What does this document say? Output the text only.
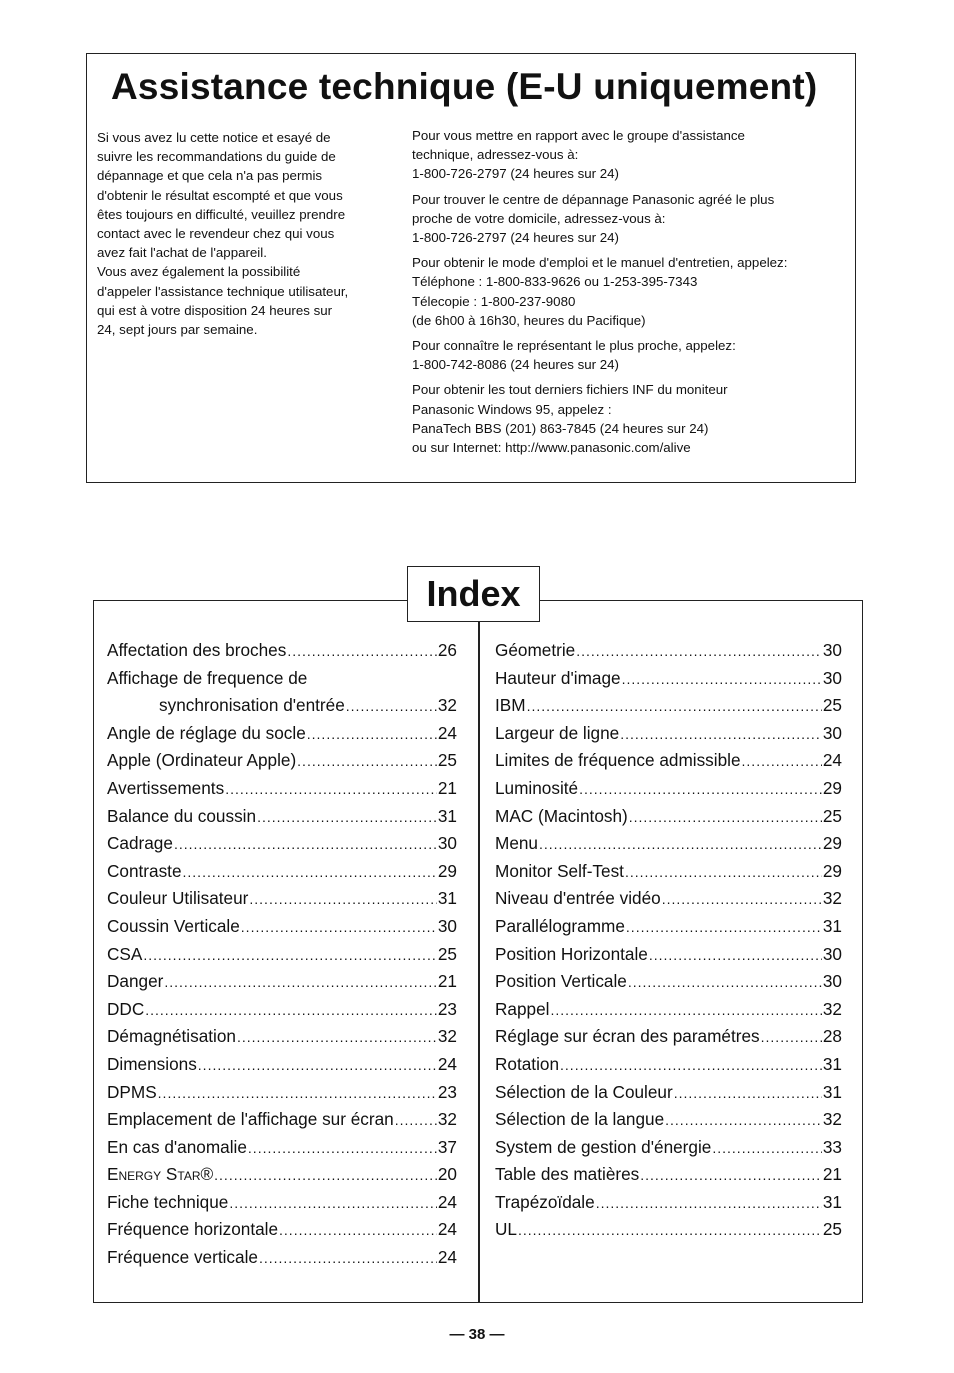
Assistance technique (E-U uniquement)
Si vous avez lu cette notice et esayé de
suivre les recommandations du guide de
dépannage et que cela n'a pas permis
d'obtenir le résultat escompté et que vous
êtes toujours en difficulté, veuillez prendre
contact avec le revendeur chez qui vous
avez fait l'achat de l'appareil.
Vous avez également la possibilité
d'appeler l'assistance technique utilisateur,
qui est à votre disposition 24 heures sur
24, sept jours par semaine.

Pour vous mettre en rapport avec le groupe d'assistance
technique, adressez-vous à:
1-800-726-2797 (24 heures sur 24)

Pour trouver le centre de dépannage Panasonic agréé le plus
proche de votre domicile, adressez-vous à:
1-800-726-2797 (24 heures sur 24)

Pour obtenir le mode d'emploi et le manuel d'entretien, appelez:
Téléphone : 1-800-833-9626 ou 1-253-395-7343
Télecopie : 1-800-237-9080
(de 6h00 à 16h30, heures du Pacifique)

Pour connaître le représentant le plus proche, appelez:
1-800-742-8086 (24 heures sur 24)

Pour obtenir les tout derniers fichiers INF du moniteur
Panasonic Windows 95, appelez :
PanaTech BBS (201) 863-7845 (24 heures sur 24)
ou sur Internet: http://www.panasonic.com/alive

Index
Affectation des broches .....	26
Affichage de frequence de
synchronisation d'entrée .....	32
Angle de réglage du socle .....	24
Apple (Ordinateur Apple) .....	25
Avertissements .....	21
Balance du coussin .....	31
Cadrage .....	30
Contraste .....	29
Couleur Utilisateur .....	31
Coussin Verticale .....	30
CSA .....	25
Danger .....	21
DDC .....	23
Démagnétisation .....	32
Dimensions .....	24
DPMS .....	23
Emplacement de l'affichage sur écran .....	32
En cas d'anomalie .....	37
Energy Star® .....	20
Fiche technique .....	24
Fréquence horizontale .....	24
Fréquence verticale .....	24
Géometrie .....	30
Hauteur d'image .....	30
IBM .....	25
Largeur de ligne .....	30
Limites de fréquence admissible .....	24
Luminosité .....	29
MAC (Macintosh) .....	25
Menu .....	29
Monitor Self-Test .....	29
Niveau d'entrée vidéo .....	32
Parallélogramme .....	31
Position Horizontale .....	30
Position Verticale .....	30
Rappel .....	32
Réglage sur écran des paramétres .....	28
Rotation .....	31
Sélection de la Couleur .....	31
Sélection de la langue .....	32
System de gestion d'énergie .....	33
Table des matières .....	21
Trapézoïdale .....	31
UL .....	25
— 38 —
